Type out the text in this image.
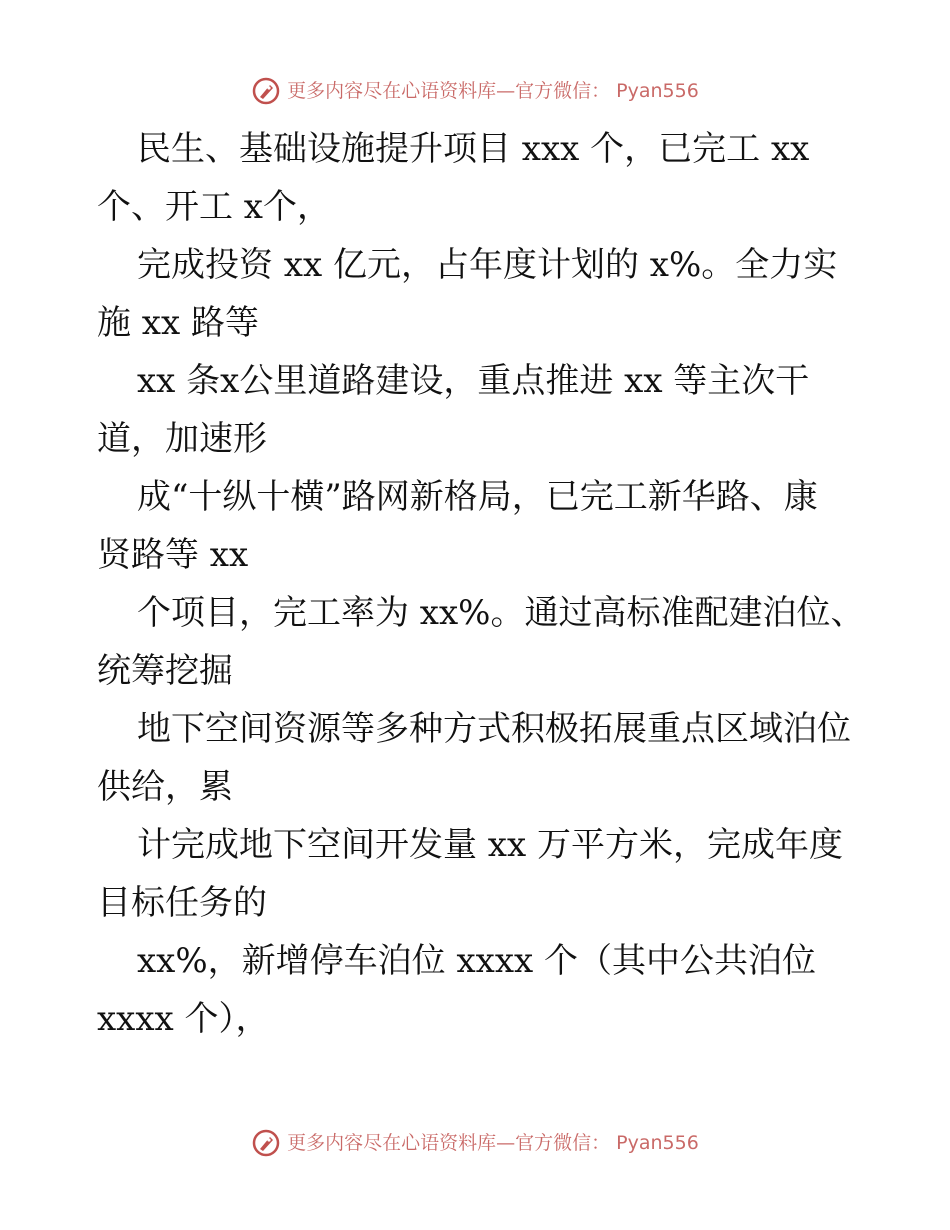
更多内容尽在心语资料库—官方微信： Pyan556

民生、基础设施提升项目 xxx 个，已完工 xx
个、开工 x个，

完成投资 xx 亿元，占年度计划的 x%。全力实
施 xx 路等

xx 条x公里道路建设，重点推进 xx 等主次干
道，加速形

成“十纵十横”路网新格局，已完工新华路、康
贤路等 xx

个项目，完工率为 xx%。通过高标准配建泊位、
统筹挖掘

地下空间资源等多种方式积极拓展重点区域泊位
供给，累

计完成地下空间开发量 xx 万平方米，完成年度
目标任务的

xx%，新增停车泊位 xxxx 个（其中公共泊位
xxxx 个），

更多内容尽在心语资料库—官方微信： Pyan556
